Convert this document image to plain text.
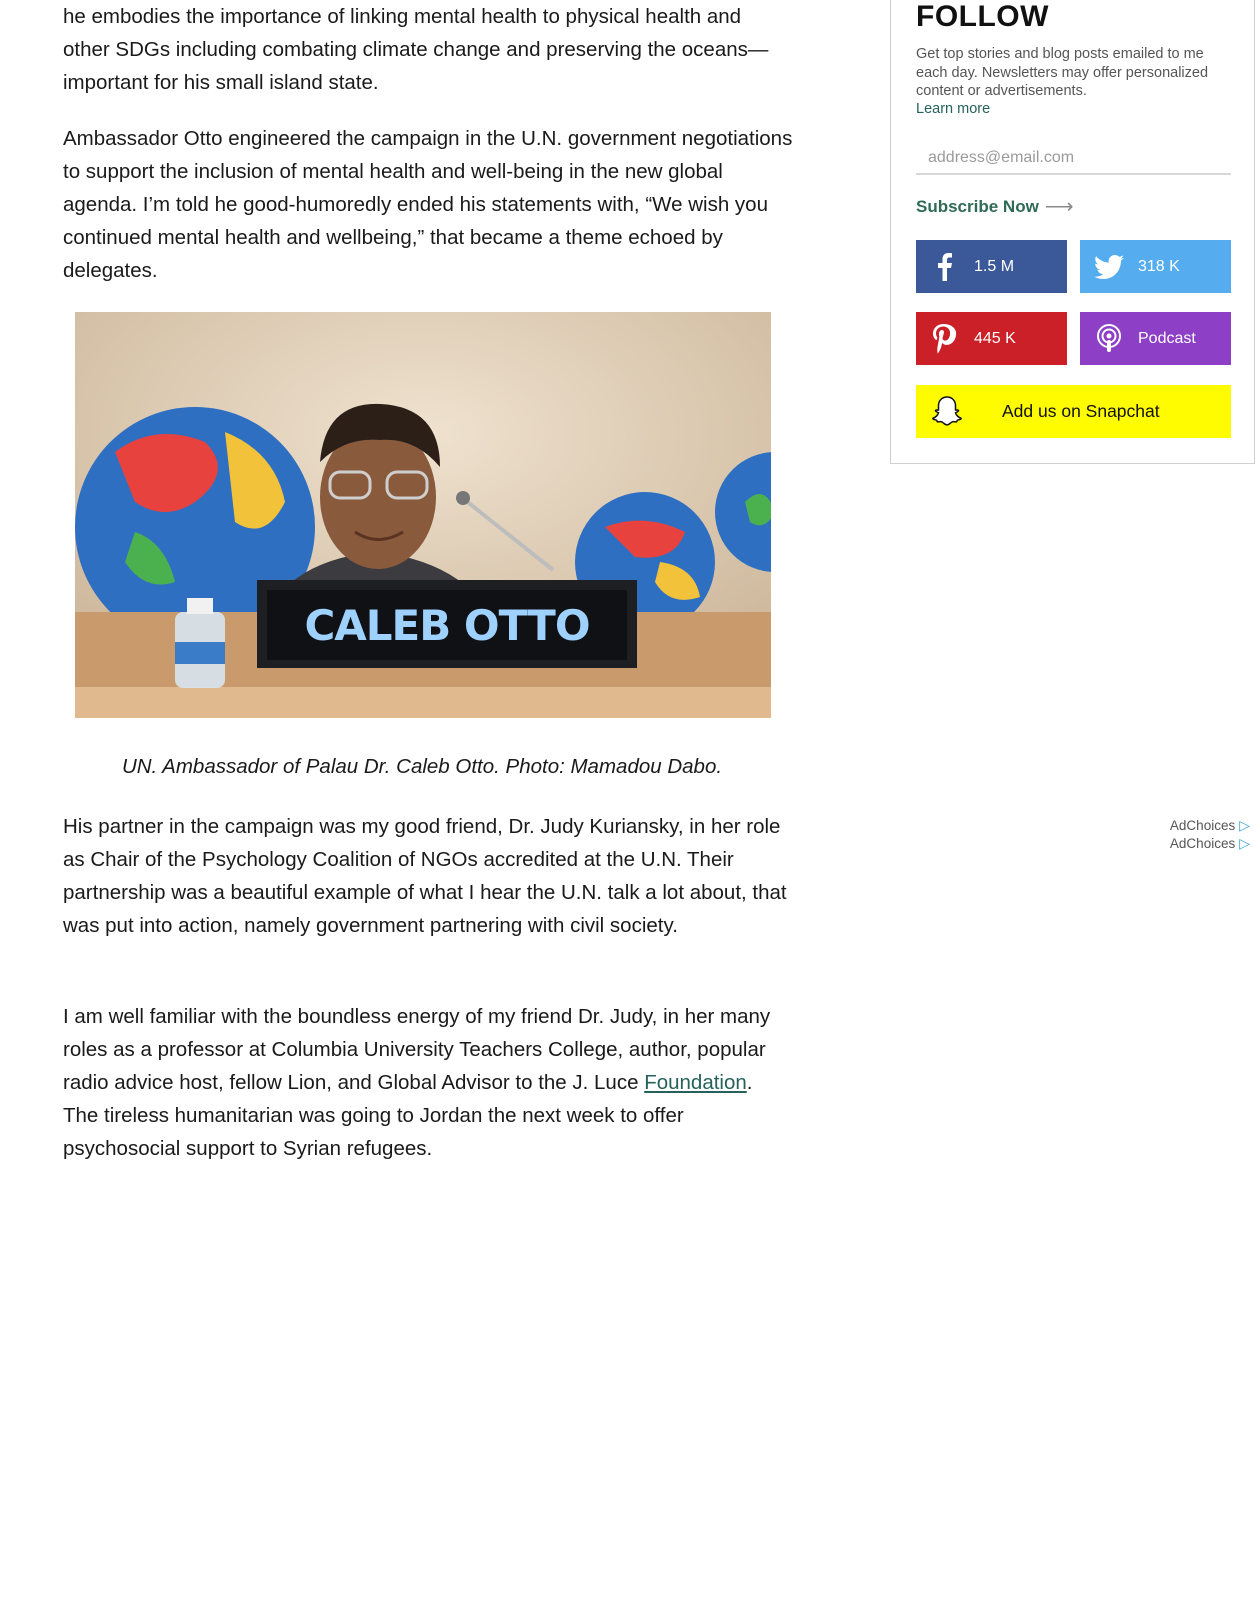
he embodies the importance of linking mental health to physical health and other SDGs including combating climate change and preserving the oceans—important for his small island state.

Ambassador Otto engineered the campaign in the U.N. government negotiations to support the inclusion of mental health and well-being in the new global agenda. I’m told he good-humoredly ended his statements with, “We wish you continued mental health and wellbeing,” that became a theme echoed by delegates.

CALEB OTTO
UN. Ambassador of Palau Dr. Caleb Otto. Photo: Mamadou Dabo.

His partner in the campaign was my good friend, Dr. Judy Kuriansky, in her role as Chair of the Psychology Coalition of NGOs accredited at the U.N. Their partnership was a beautiful example of what I hear the U.N. talk a lot about, that was put into action, namely government partnering with civil society.

I am well familiar with the boundless energy of my friend Dr. Judy, in her many roles as a professor at Columbia University Teachers College, author, popular radio advice host, fellow Lion, and Global Advisor to the J. Luce Foundation. The tireless humanitarian was going to Jordan the next week to offer psychosocial support to Syrian refugees.

FOLLOW
Get top stories and blog posts emailed to me each day. Newsletters may offer personalized content or advertisements.
Learn more
address@email.com
Subscribe Now ⟶
1.5 M	318 K
445 K	Podcast
Add us on Snapchat
AdChoices ▷
AdChoices ▷
